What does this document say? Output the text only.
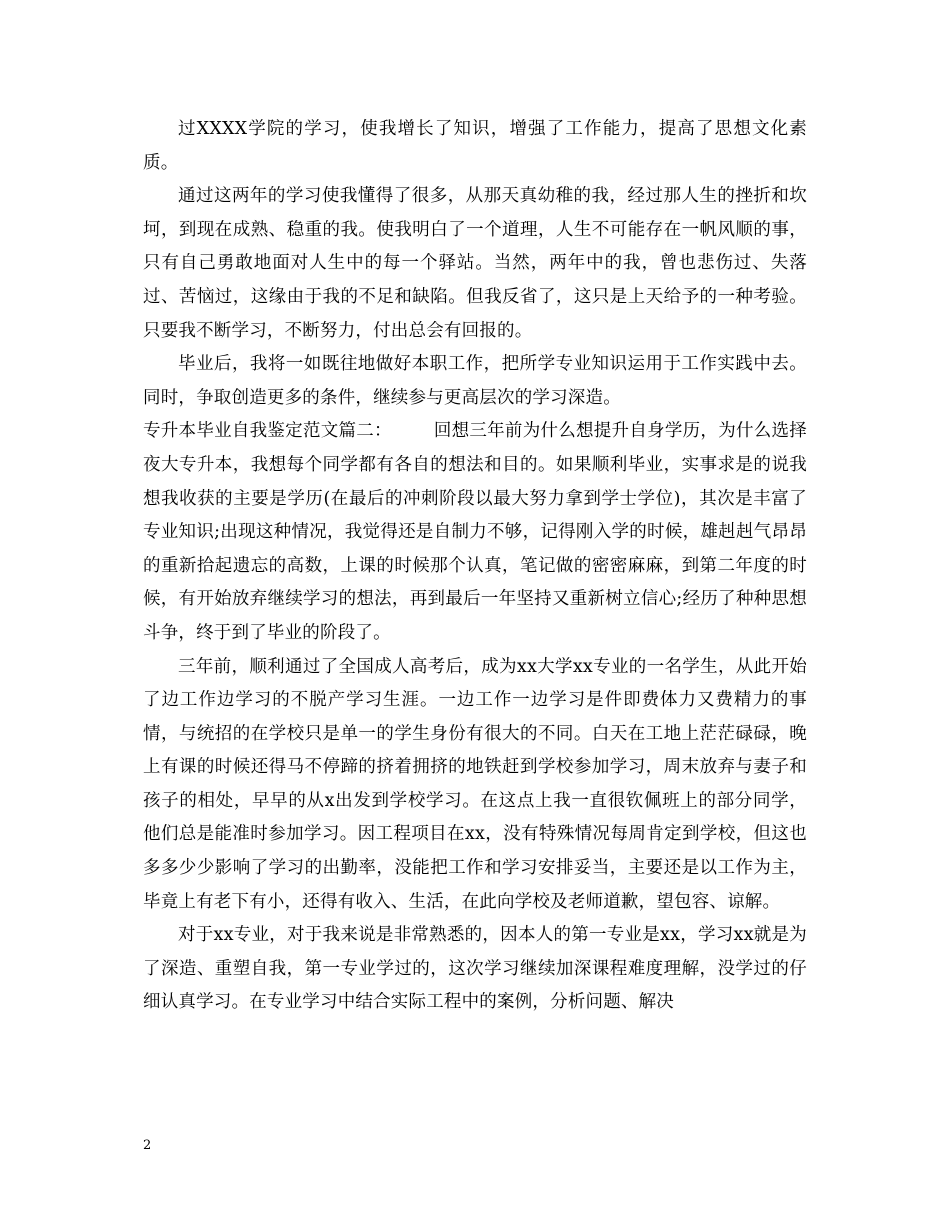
过XXXX学院的学习，使我增长了知识，增强了工作能力，提高了思想文化素质。

通过这两年的学习使我懂得了很多，从那天真幼稚的我，经过那人生的挫折和坎坷，到现在成熟、稳重的我。使我明白了一个道理，人生不可能存在一帆风顺的事，只有自己勇敢地面对人生中的每一个驿站。当然，两年中的我，曾也悲伤过、失落过、苦恼过，这缘由于我的不足和缺陷。但我反省了，这只是上天给予的一种考验。只要我不断学习，不断努力，付出总会有回报的。

毕业后，我将一如既往地做好本职工作，把所学专业知识运用于工作实践中去。同时，争取创造更多的条件，继续参与更高层次的学习深造。

专升本毕业自我鉴定范文篇二： 回想三年前为什么想提升自身学历，为什么选择夜大专升本，我想每个同学都有各自的想法和目的。如果顺利毕业，实事求是的说我想我收获的主要是学历(在最后的冲刺阶段以最大努力拿到学士学位)，其次是丰富了专业知识;出现这种情况，我觉得还是自制力不够，记得刚入学的时候，雄赳赳气昂昂的重新拾起遗忘的高数，上课的时候那个认真，笔记做的密密麻麻，到第二年度的时候，有开始放弃继续学习的想法，再到最后一年坚持又重新树立信心;经历了种种思想斗争，终于到了毕业的阶段了。

三年前，顺利通过了全国成人高考后，成为xx大学xx专业的一名学生，从此开始了边工作边学习的不脱产学习生涯。一边工作一边学习是件即费体力又费精力的事情，与统招的在学校只是单一的学生身份有很大的不同。白天在工地上茫茫碌碌，晚上有课的时候还得马不停蹄的挤着拥挤的地铁赶到学校参加学习，周末放弃与妻子和孩子的相处，早早的从x出发到学校学习。在这点上我一直很钦佩班上的部分同学，他们总是能准时参加学习。因工程项目在xx，没有特殊情况每周肯定到学校，但这也多多少少影响了学习的出勤率，没能把工作和学习安排妥当，主要还是以工作为主，毕竟上有老下有小，还得有收入、生活，在此向学校及老师道歉，望包容、谅解。

对于xx专业，对于我来说是非常熟悉的，因本人的第一专业是xx，学习xx就是为了深造、重塑自我，第一专业学过的，这次学习继续加深课程难度理解，没学过的仔细认真学习。在专业学习中结合实际工程中的案例，分析问题、解决

2
